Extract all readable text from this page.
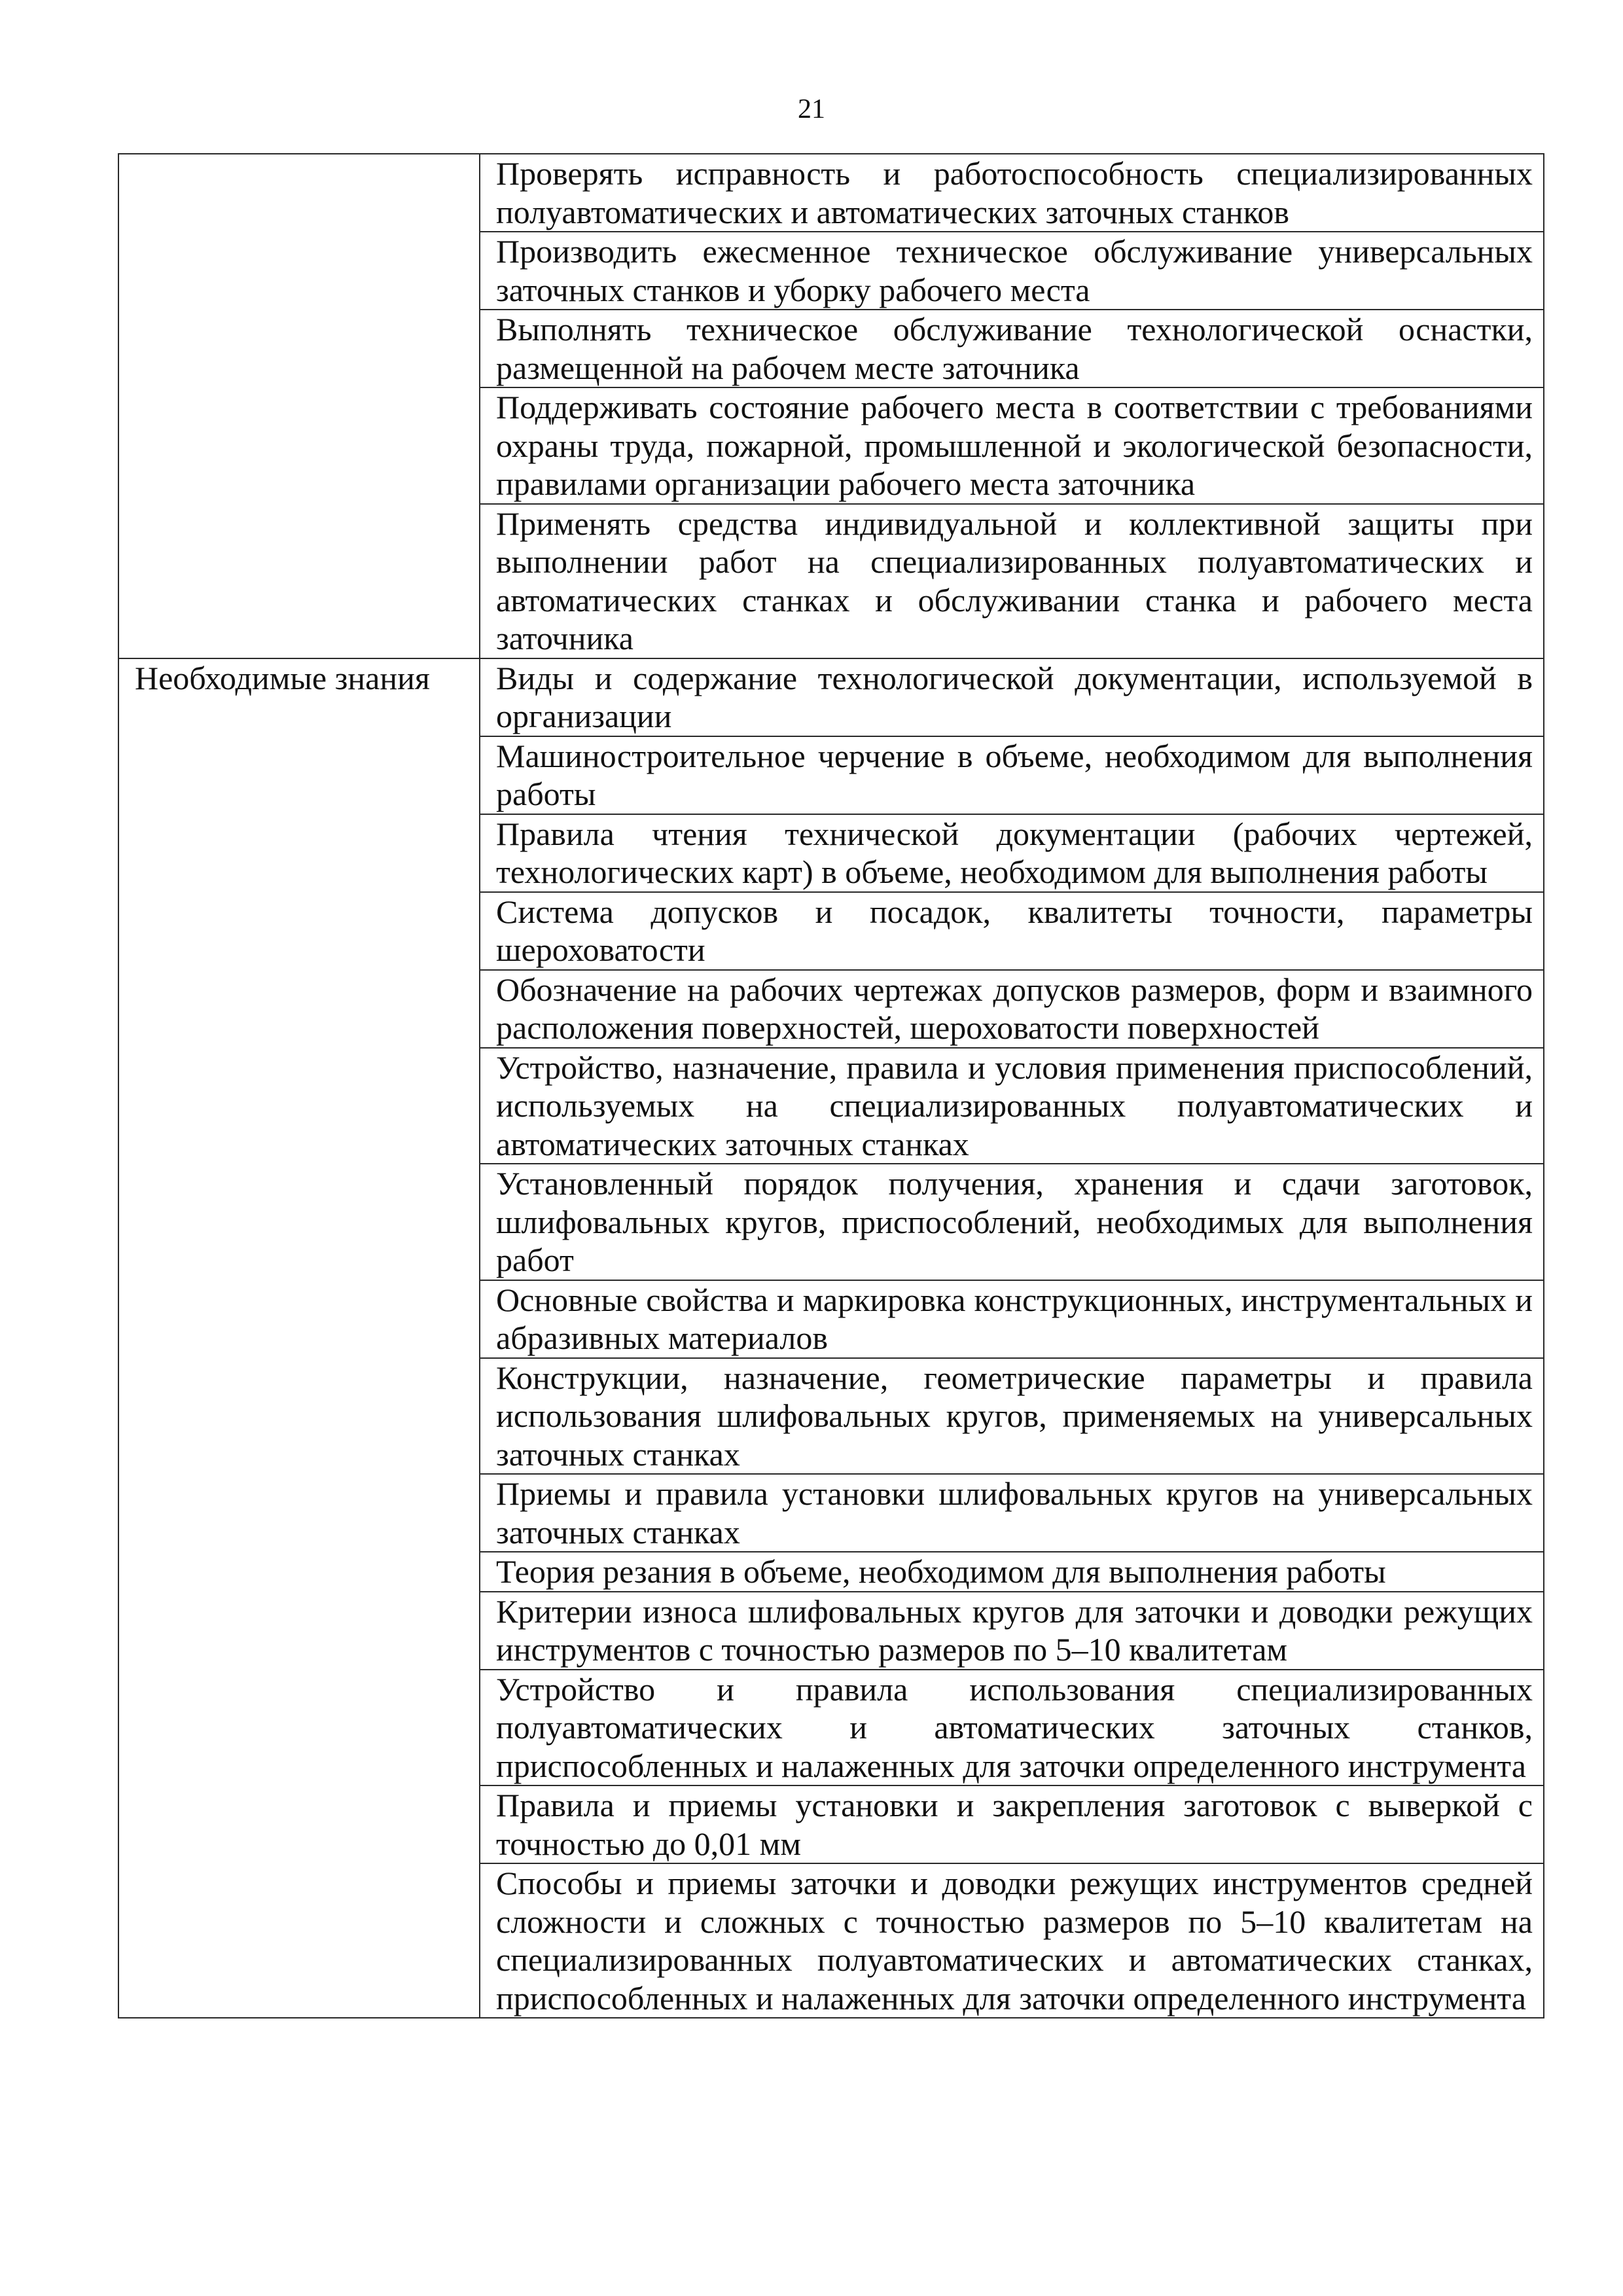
21

	Проверять исправность и работоспособность специализированных полуавтоматических и автоматических заточных станков

	Производить ежесменное техническое обслуживание универсальных заточных станков и уборку рабочего места

	Выполнять техническое обслуживание технологической оснастки, размещенной на рабочем месте заточника

	Поддерживать состояние рабочего места в соответствии с требованиями охраны труда, пожарной, промышленной и экологической безопасности, правилами организации рабочего места заточника

	Применять средства индивидуальной и коллективной защиты при выполнении работ на специализированных полуавтоматических и автоматических станках и обслуживании станка и рабочего места заточника

Необходимые знания	Виды и содержание технологической документации, используемой в организации

	Машиностроительное черчение в объеме, необходимом для выполнения работы

	Правила чтения технической документации (рабочих чертежей, технологических карт) в объеме, необходимом для выполнения работы

	Система допусков и посадок, квалитеты точности, параметры шероховатости

	Обозначение на рабочих чертежах допусков размеров, форм и взаимного расположения поверхностей, шероховатости поверхностей

	Устройство, назначение, правила и условия применения приспособлений, используемых на специализированных полуавтоматических и автоматических заточных станках

	Установленный порядок получения, хранения и сдачи заготовок, шлифовальных кругов, приспособлений, необходимых для выполнения работ

	Основные свойства и маркировка конструкционных, инструментальных и абразивных материалов

	Конструкции, назначение, геометрические параметры и правила использования шлифовальных кругов, применяемых на универсальных заточных станках

	Приемы и правила установки шлифовальных кругов на универсальных заточных станках

	Теория резания в объеме, необходимом для выполнения работы

	Критерии износа шлифовальных кругов для заточки и доводки режущих инструментов с точностью размеров по 5–10 квалитетам

	Устройство и правила использования специализированных полуавтоматических и автоматических заточных станков, приспособленных и налаженных для заточки определенного инструмента

	Правила и приемы установки и закрепления заготовок с выверкой с точностью до 0,01 мм

	Способы и приемы заточки и доводки режущих инструментов средней сложности и сложных с точностью размеров по 5–10 квалитетам на специализированных полуавтоматических и автоматических станках, приспособленных и налаженных для заточки определенного инструмента
